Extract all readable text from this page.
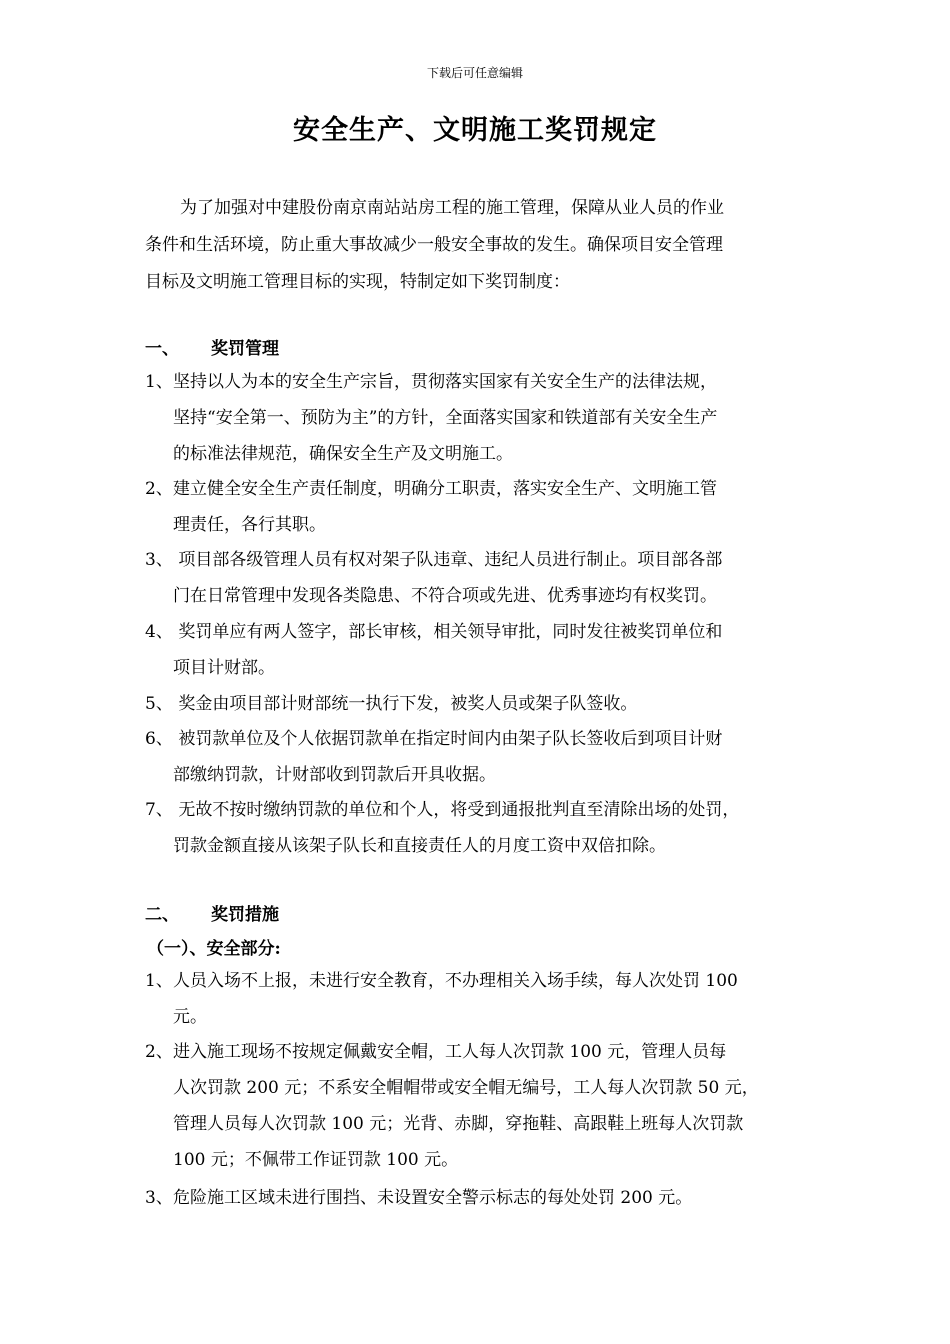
下载后可任意编辑
安全生产、文明施工奖罚规定
为了加强对中建股份南京南站站房工程的施工管理，保障从业人员的作业
条件和生活环境，防止重大事故减少一般安全事故的发生。确保项目安全管理
目标及文明施工管理目标的实现，特制定如下奖罚制度：
一、 奖罚管理
1、 坚持以人为本的安全生产宗旨，贯彻落实国家有关安全生产的法律法规，
坚持“安全第一、预防为主”的方针，全面落实国家和铁道部有关安全生产
的标准法律规范，确保安全生产及文明施工。
2、 建立健全安全生产责任制度，明确分工职责，落实安全生产、文明施工管
理责任，各行其职。
3、 项目部各级管理人员有权对架子队违章、违纪人员进行制止。项目部各部
门在日常管理中发现各类隐患、不符合项或先进、优秀事迹均有权奖罚。
4、 奖罚单应有两人签字，部长审核，相关领导审批，同时发往被奖罚单位和
项目计财部。
5、 奖金由项目部计财部统一执行下发，被奖人员或架子队签收。
6、 被罚款单位及个人依据罚款单在指定时间内由架子队长签收后到项目计财
部缴纳罚款，计财部收到罚款后开具收据。
7、 无故不按时缴纳罚款的单位和个人，将受到通报批判直至清除出场的处罚，
罚款金额直接从该架子队长和直接责任人的月度工资中双倍扣除。
二、 奖罚措施
（一）、安全部分:
1、 人员入场不上报，未进行安全教育，不办理相关入场手续，每人次处罚 100
元。
2、 进入施工现场不按规定佩戴安全帽，工人每人次罚款 100 元，管理人员每
人次罚款 200 元；不系安全帽帽带或安全帽无编号，工人每人次罚款 50 元，
管理人员每人次罚款 100 元；光背、赤脚，穿拖鞋、高跟鞋上班每人次罚款
100 元；不佩带工作证罚款 100 元。
3、 危险施工区域未进行围挡、未设置安全警示标志的每处处罚 200 元。
